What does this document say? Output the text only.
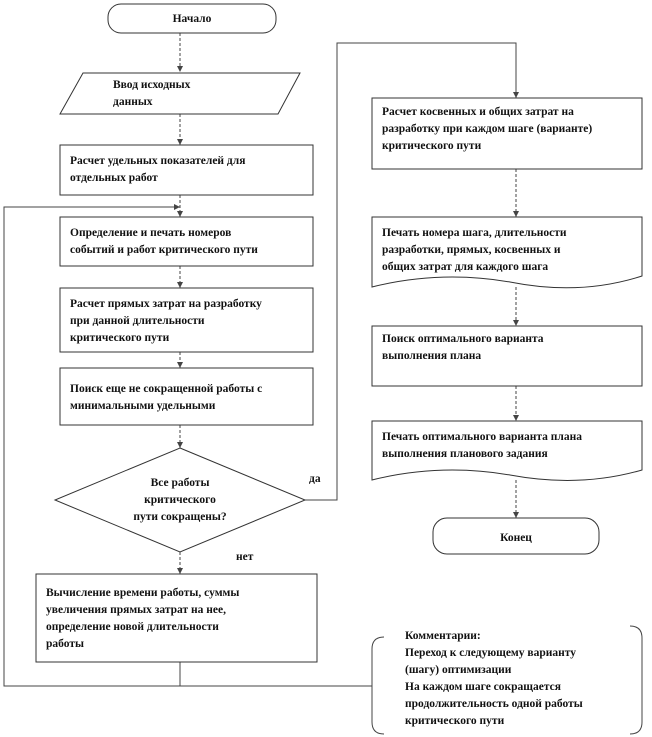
Начало
Ввод исходных данных
Расчет удельных показателей для отдельных работ
Определение и печать номеров событий и работ критического пути
Расчет прямых затрат на разработку при данной длительности критического пути
Поиск еще не сокращенной работы с минимальными удельными
Все работы критического пути сокращены?
да
нет
Вычисление времени работы, суммы увеличения прямых затрат на нее, определение новой длительности работы
Расчет косвенных и общих затрат на разработку при каждом шаге (варианте) критического пути
Печать номера шага, длительности разработки, прямых, косвенных и общих затрат для каждого шага
Поиск оптимального варианта выполнения плана
Печать оптимального варианта плана выполнения планового задания
Конец
Комментарии: Переход к следующему варианту (шагу) оптимизации На каждом шаге сокращается продолжительность одной работы критического пути
